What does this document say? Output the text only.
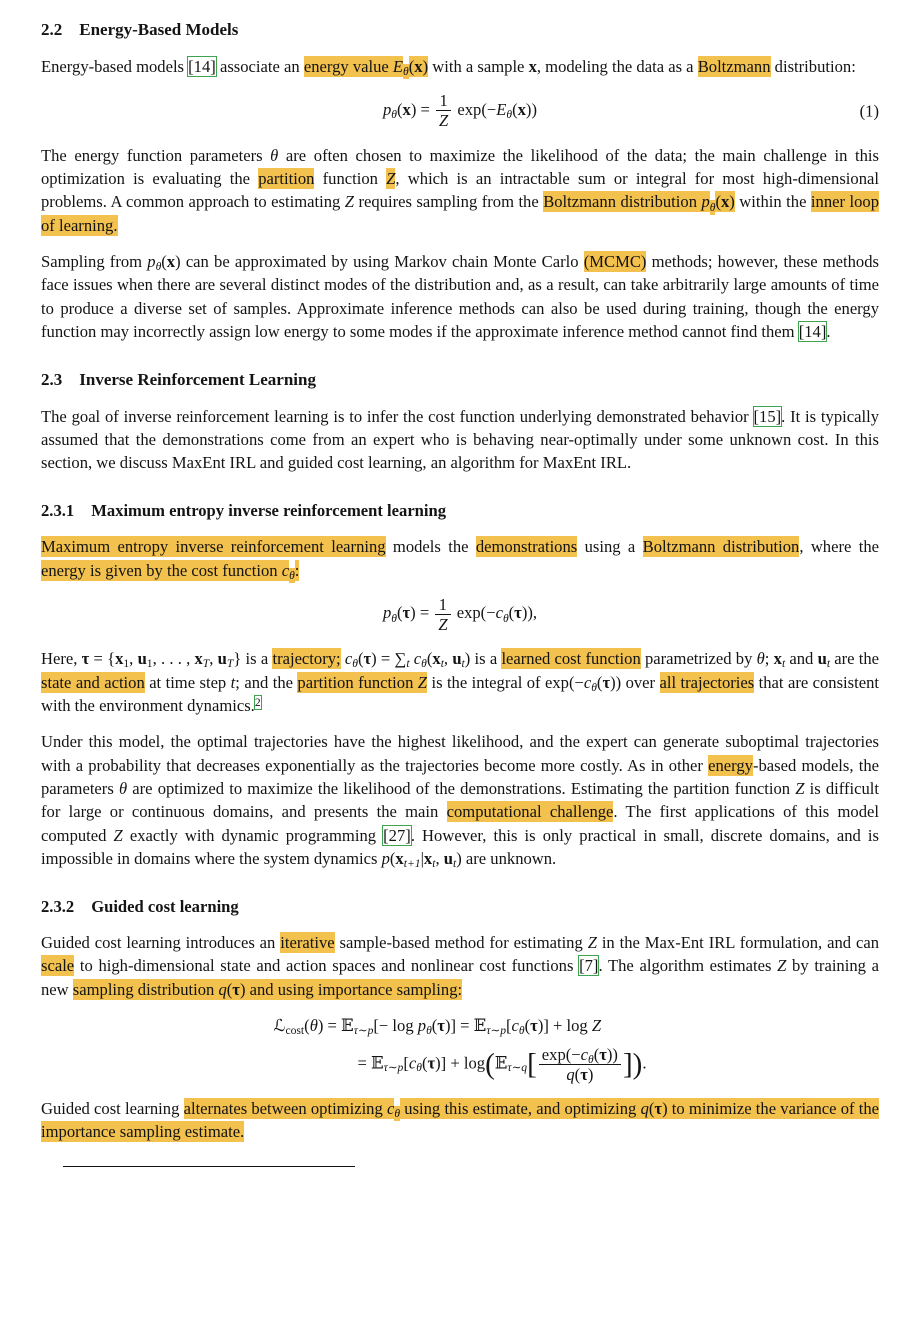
2.2 Energy-Based Models

Energy-based models [14] associate an energy value $E_\theta(x)$ with a sample x, modeling the data as a Boltzmann distribution:

$p_\theta(x) = \frac{1}{Z} \exp(-E_\theta(x))$	(1)

The energy function parameters θ are often chosen to maximize the likelihood of the data; the main challenge in this optimization is evaluating the partition function Z, which is an intractable sum or integral for most high-dimensional problems. A common approach to estimating Z requires sampling from the Boltzmann distribution $p_\theta(x)$ within the inner loop of learning.

Sampling from $p_\theta(x)$ can be approximated by using Markov chain Monte Carlo (MCMC) methods; however, these methods face issues when there are several distinct modes of the distribution and, as a result, can take arbitrarily large amounts of time to produce a diverse set of samples. Approximate inference methods can also be used during training, though the energy function may incorrectly assign low energy to some modes if the approximate inference method cannot find them [14].

2.3 Inverse Reinforcement Learning

The goal of inverse reinforcement learning is to infer the cost function underlying demonstrated behavior [15]. It is typically assumed that the demonstrations come from an expert who is behaving near-optimally under some unknown cost. In this section, we discuss MaxEnt IRL and guided cost learning, an algorithm for MaxEnt IRL.

2.3.1 Maximum entropy inverse reinforcement learning

Maximum entropy inverse reinforcement learning models the demonstrations using a Boltzmann distribution, where the energy is given by the cost function $c_\theta$:

$p_\theta(\tau) = \frac{1}{Z} \exp(-c_\theta(\tau))$,

Here, $\tau = \{x_1$, $u_1$, . . . , $x_T$, $u_T$} is a trajectory; $c_\theta(\tau) = \sum_t$ $c_\theta(x_t$, $u_t$) is a learned cost function parametrized by θ; $x_t$ and $u_t$ are the state and action at time step t; and the partition function Z is the integral of $\exp(-c_\theta(\tau))$ over all trajectories that are consistent with the environment dynamics.$^2$

Under this model, the optimal trajectories have the highest likelihood, and the expert can generate suboptimal trajectories with a probability that decreases exponentially as the trajectories become more costly. As in other energy-based models, the parameters θ are optimized to maximize the likelihood of the demonstrations. Estimating the partition function Z is difficult for large or continuous domains, and presents the main computational challenge. The first applications of this model computed Z exactly with dynamic programming [27]. However, this is only practical in small, discrete domains, and is impossible in domains where the system dynamics $p(x_{t+1}|x_t$, $u_t$) are unknown.

2.3.2 Guided cost learning

Guided cost learning introduces an iterative sample-based method for estimating Z in the Max-Ent IRL formulation, and can scale to high-dimensional state and action spaces and nonlinear cost functions [7]. The algorithm estimates Z by training a new sampling distribution q(τ) and using importance sampling:

ℒ$_{cost}$(θ) = 𝔼$_{\tau\sim p}$[− $\log p_\theta(\tau)$] = $𝔼_{\tau\sim p}[c_\theta(\tau)] + \log Z$
= $𝔼_{\tau\sim p}[c_\theta(\tau)]$ + log(𝔼$_{\tau\sim q}$[ $\frac{\exp(-c_\theta(\tau))}{q(\tau)}$ ]).

Guided cost learning alternates between optimizing $c_\theta$ using this estimate, and optimizing q(τ) to minimize the variance of the importance sampling estimate.
